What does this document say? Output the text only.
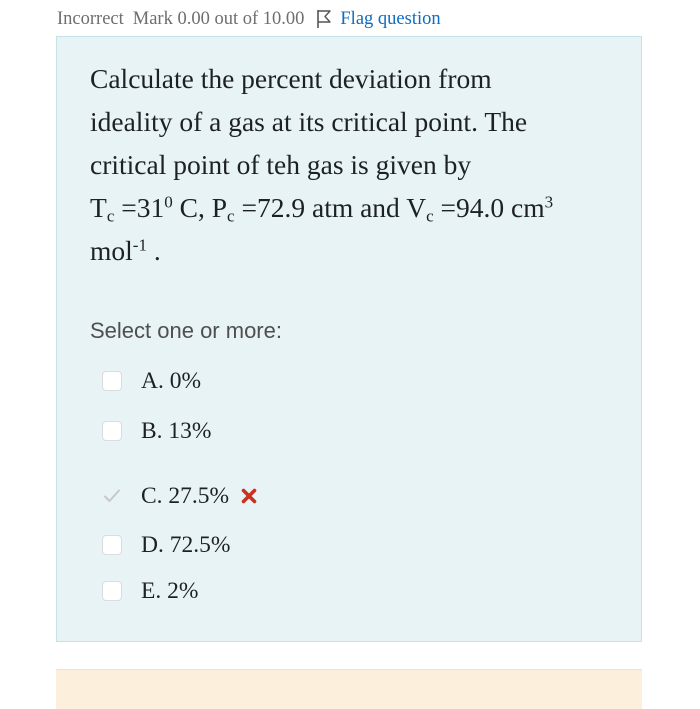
Incorrect Mark 0.00 out of 10.00 Flag question
Calculate the percent deviation from
ideality of a gas at its critical point. The
critical point of teh gas is given by
$T_c =31^0$ C, $P_c =72.9$ atm and $V_c =94.0$ $cm^3$
mol$^{-1}$ .
Select one or more:
A. 0%
B. 13%
C. 27.5%
D. 72.5%
E. 2%
